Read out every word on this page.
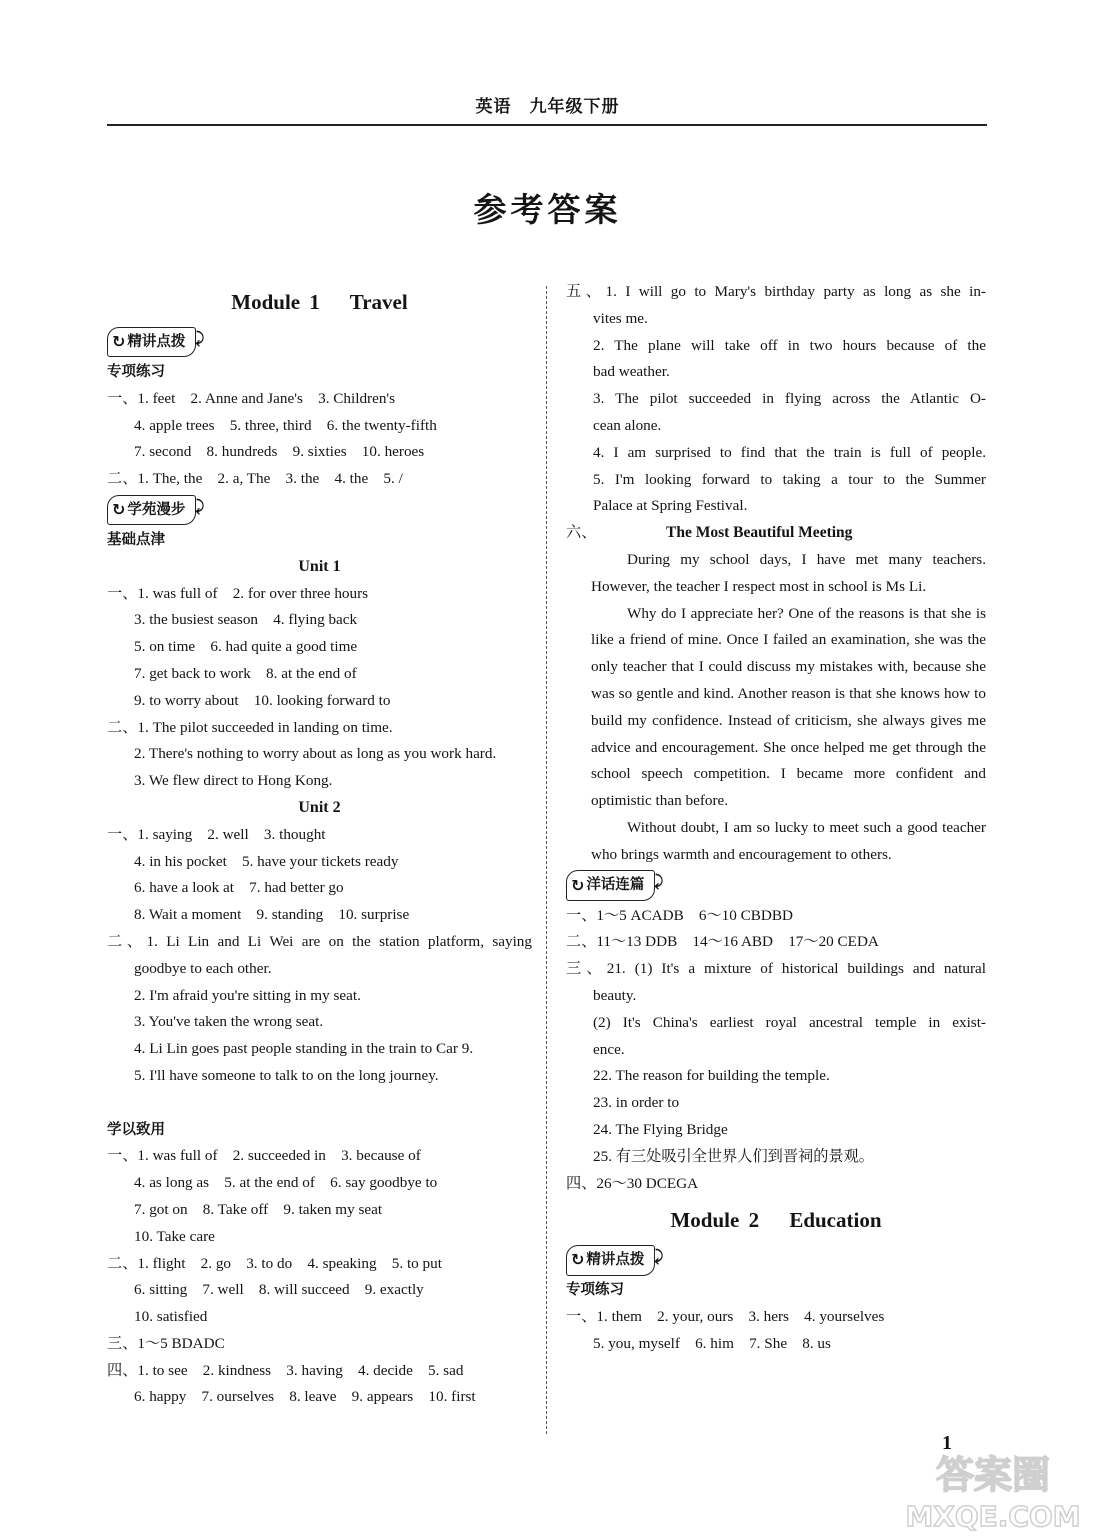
英语　九年级下册
参考答案
Module 1　 Travel
↻ 精讲点拨 ⤸
专项练习
一、1. feet　2. Anne and Jane's　3. Children's
4. apple trees　5. three, third　6. the twenty-fifth
7. second　8. hundreds　9. sixties　10. heroes
二、1. The, the　2. a, The　3. the　4. the　5. /
↻ 学苑漫步 ⤸
基础点津
Unit 1
一、1. was full of　2. for over three hours
3. the busiest season　4. flying back
5. on time　6. had quite a good time
7. get back to work　8. at the end of
9. to worry about　10. looking forward to
二、1. The pilot succeeded in landing on time.
2. There's nothing to worry about as long as you work hard.
3. We flew direct to Hong Kong.
Unit 2
一、1. saying　2. well　3. thought
4. in his pocket　5. have your tickets ready
6. have a look at　7. had better go
8. Wait a moment　9. standing　10. surprise
二、1. Li Lin and Li Wei are on the station platform, saying
goodbye to each other.
2. I'm afraid you're sitting in my seat.
3. You've taken the wrong seat.
4. Li Lin goes past people standing in the train to Car 9.
5. I'll have someone to talk to on the long journey.
学以致用
一、1. was full of　2. succeeded in　3. because of
4. as long as　5. at the end of　6. say goodbye to
7. got on　8. Take off　9. taken my seat
10. Take care
二、1. flight　2. go　3. to do　4. speaking　5. to put
6. sitting　7. well　8. will succeed　9. exactly
10. satisfied
三、1～5 BDADC
四、1. to see　2. kindness　3. having　4. decide　5. sad
6. happy　7. ourselves　8. leave　9. appears　10. first
五、1. I will go to Mary's birthday party as long as she in-
vites me.
2. The plane will take off in two hours because of the
bad weather.
3. The pilot succeeded in flying across the Atlantic O-
cean alone.
4. I am surprised to find that the train is full of people.
5. I'm looking forward to taking a tour to the Summer
Palace at Spring Festival.
六、	The Most Beautiful Meeting
During my school days, I have met many teachers. However, the teacher I respect most in school is Ms Li.
Why do I appreciate her? One of the reasons is that she is like a friend of mine. Once I failed an examination, she was the only teacher that I could discuss my mistakes with, because she was so gentle and kind. Another reason is that she knows how to build my confidence. Instead of criticism, she always gives me advice and encouragement. She once helped me get through the school speech competition. I became more confident and optimistic than before.
Without doubt, I am so lucky to meet such a good teacher who brings warmth and encouragement to others.
↻ 洋话连篇 ⤸
一、1～5 ACADB　6～10 CBDBD
二、11～13 DDB　14～16 ABD　17～20 CEDA
三、21. (1) It's a mixture of historical buildings and natural
beauty.
(2) It's China's earliest royal ancestral temple in exist-
ence.
22. The reason for building the temple.
23. in order to
24. The Flying Bridge
25. 有三处吸引全世界人们到晋祠的景观。
四、26～30 DCEGA
Module 2　 Education
↻ 精讲点拨 ⤸
专项练习
一、1. them　2. your, ours　3. hers　4. yourselves
5. you, myself　6. him　7. She　8. us
1
答案圈
MXQE.COM
